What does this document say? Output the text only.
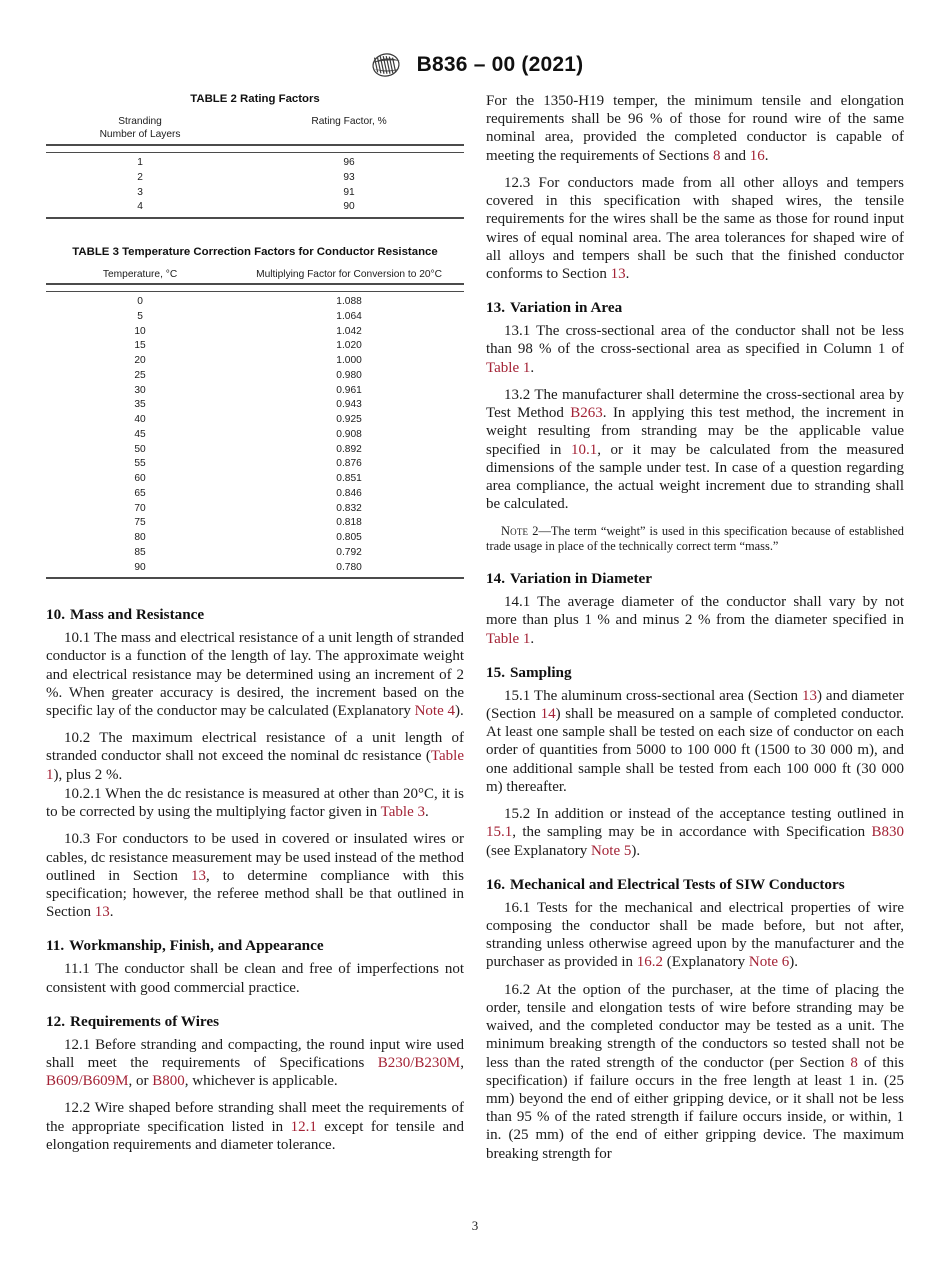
B836 – 00 (2021)
TABLE 2 Rating Factors

Stranding
Number of Layers	Rating Factor, %
1	96
2	93
3	91
4	90

TABLE 3 Temperature Correction Factors for Conductor Resistance

Temperature, °C	Multiplying Factor for Conversion to 20°C
0	1.088
5	1.064
10	1.042
15	1.020
20	1.000
25	0.980
30	0.961
35	0.943
40	0.925
45	0.908
50	0.892
55	0.876
60	0.851
65	0.846
70	0.832
75	0.818
80	0.805
85	0.792
90	0.780

10. Mass and Resistance

10.1 The mass and electrical resistance of a unit length of stranded conductor is a function of the length of lay. The approximate weight and electrical resistance may be determined using an increment of 2 %. When greater accuracy is desired, the increment based on the specific lay of the conductor may be calculated (Explanatory Note 4).

10.2 The maximum electrical resistance of a unit length of stranded conductor shall not exceed the nominal dc resistance (Table 1), plus 2 %.

10.2.1 When the dc resistance is measured at other than 20°C, it is to be corrected by using the multiplying factor given in Table 3.

10.3 For conductors to be used in covered or insulated wires or cables, dc resistance measurement may be used instead of the method outlined in Section 13, to determine compliance with this specification; however, the referee method shall be that outlined in Section 13.

11. Workmanship, Finish, and Appearance

11.1 The conductor shall be clean and free of imperfections not consistent with good commercial practice.

12. Requirements of Wires

12.1 Before stranding and compacting, the round input wire used shall meet the requirements of Specifications B230/B230M, B609/B609M, or B800, whichever is applicable.

12.2 Wire shaped before stranding shall meet the requirements of the appropriate specification listed in 12.1 except for tensile and elongation requirements and diameter tolerance.

For the 1350-H19 temper, the minimum tensile and elongation requirements shall be 96 % of those for round wire of the same nominal area, provided the completed conductor is capable of meeting the requirements of Sections 8 and 16.

12.3 For conductors made from all other alloys and tempers covered in this specification with shaped wires, the tensile requirements for the wires shall be the same as those for round input wires of equal nominal area. The area tolerances for shaped wire of all alloys and tempers shall be such that the finished conductor conforms to Section 13.

13. Variation in Area

13.1 The cross-sectional area of the conductor shall not be less than 98 % of the cross-sectional area as specified in Column 1 of Table 1.

13.2 The manufacturer shall determine the cross-sectional area by Test Method B263. In applying this test method, the increment in weight resulting from stranding may be the applicable value specified in 10.1, or it may be calculated from the measured dimensions of the sample under test. In case of a question regarding area compliance, the actual weight increment due to stranding shall be calculated.

Note 2—The term “weight” is used in this specification because of established trade usage in place of the technically correct term “mass.”

14. Variation in Diameter

14.1 The average diameter of the conductor shall vary by not more than plus 1 % and minus 2 % from the diameter specified in Table 1.

15. Sampling

15.1 The aluminum cross-sectional area (Section 13) and diameter (Section 14) shall be measured on a sample of completed conductor. At least one sample shall be tested on each size of conductor on each order of quantities from 5000 to 100 000 ft (1500 to 30 000 m), and one additional sample shall be tested from each 100 000 ft (30 000 m) thereafter.

15.2 In addition or instead of the acceptance testing outlined in 15.1, the sampling may be in accordance with Specification B830 (see Explanatory Note 5).

16. Mechanical and Electrical Tests of SIW Conductors

16.1 Tests for the mechanical and electrical properties of wire composing the conductor shall be made before, but not after, stranding unless otherwise agreed upon by the manufacturer and the purchaser as provided in 16.2 (Explanatory Note 6).

16.2 At the option of the purchaser, at the time of placing the order, tensile and elongation tests of wire before stranding may be waived, and the completed conductor may be tested as a unit. The minimum breaking strength of the conductors so tested shall not be less than the rated strength of the conductor (per Section 8 of this specification) if failure occurs in the free length at least 1 in. (25 mm) beyond the end of either gripping device, or it shall not be less than 95 % of the rated strength if failure occurs inside, or within, 1 in. (25 mm) of the end of either gripping device. The maximum breaking strength for

3
